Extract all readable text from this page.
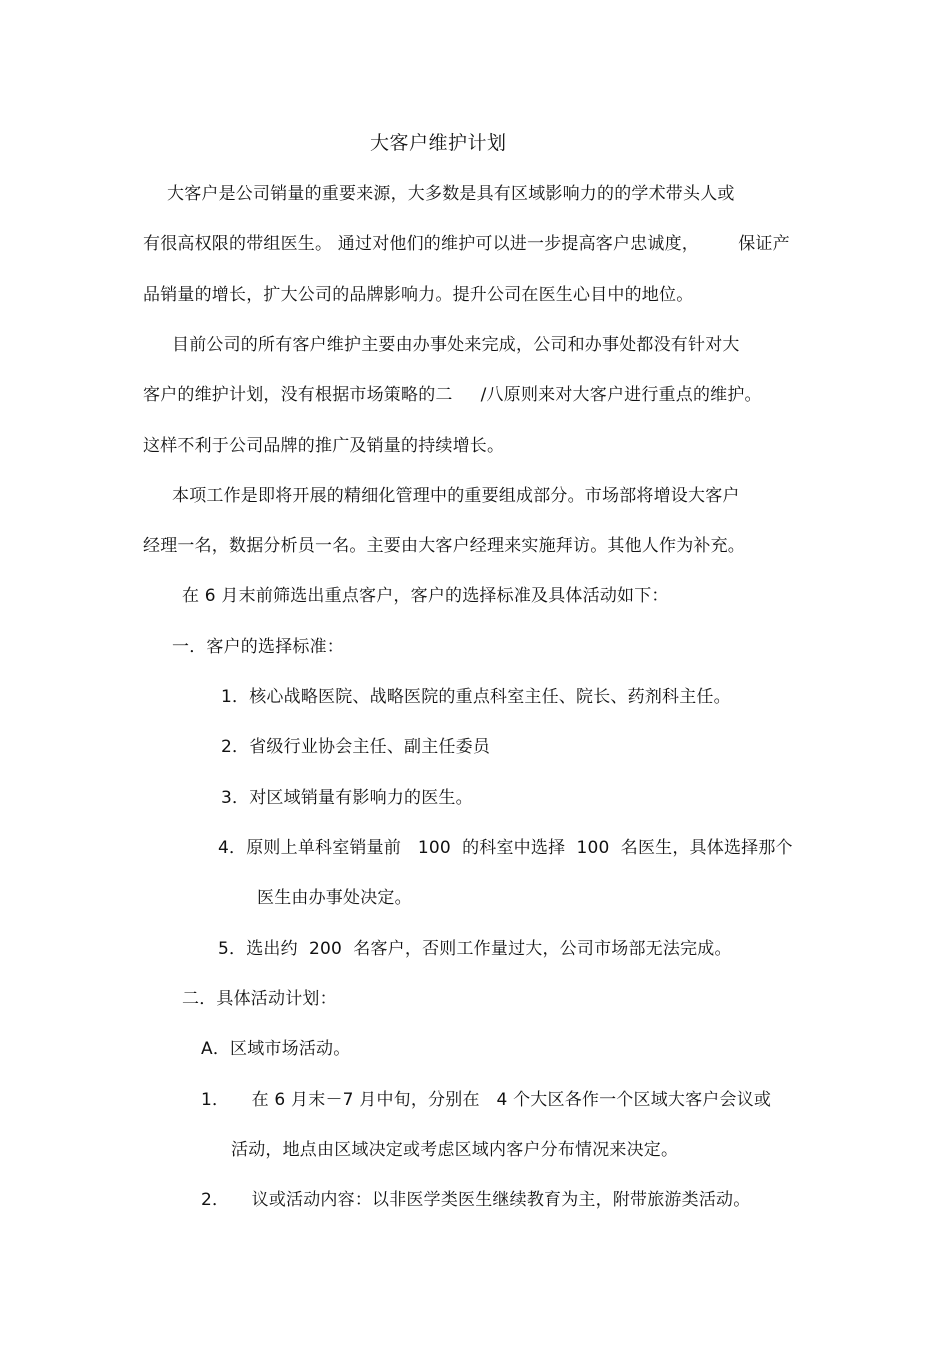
大客户维护计划
大客户是公司销量的重要来源，大多数是具有区域影响力的的学术带头人或
有很高权限的带组医生。 通过对他们的维护可以进一步提高客户忠诚度，       保证产
品销量的增长，扩大公司的品牌影响力。提升公司在医生心目中的地位。
目前公司的所有客户维护主要由办事处来完成，公司和办事处都没有针对大
客户的维护计划，没有根据市场策略的二     /八原则来对大客户进行重点的维护。
这样不利于公司品牌的推广及销量的持续增长。
本项工作是即将开展的精细化管理中的重要组成部分。市场部将增设大客户
经理一名，数据分析员一名。主要由大客户经理来实施拜访。其他人作为补充。
在 6 月末前筛选出重点客户，客户的选择标准及具体活动如下：
一．客户的选择标准：
1．核心战略医院、战略医院的重点科室主任、院长、药剂科主任。
2．省级行业协会主任、副主任委员
3．对区域销量有影响力的医生。
4．原则上单科室销量前   100  的科室中选择  100  名医生，具体选择那个
医生由办事处决定。
5．选出约  200  名客户，否则工作量过大，公司市场部无法完成。
二．具体活动计划：
A．区域市场活动。
1．    在 6 月末－7 月中旬，分别在   4 个大区各作一个区域大客户会议或
活动，地点由区域决定或考虑区域内客户分布情况来决定。
2．    议或活动内容：以非医学类医生继续教育为主，附带旅游类活动。
